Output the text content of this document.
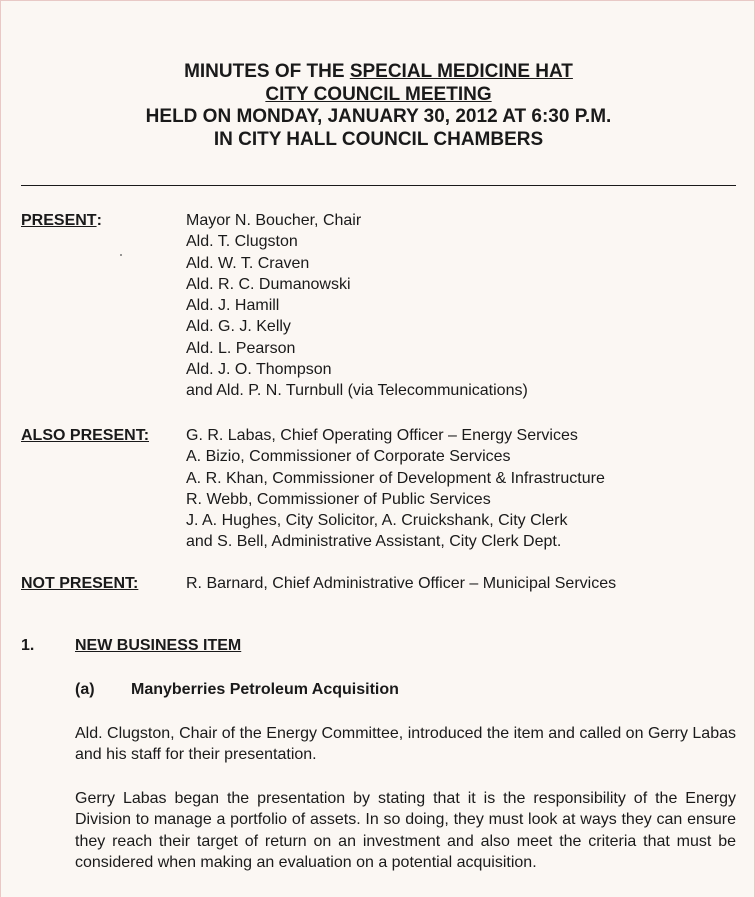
MINUTES OF THE SPECIAL MEDICINE HAT
CITY COUNCIL MEETING
HELD ON MONDAY, JANUARY 30, 2012 AT 6:30 P.M.
IN CITY HALL COUNCIL CHAMBERS
PRESENT:	Mayor N. Boucher, Chair
Ald. T. Clugston
Ald. W. T. Craven
Ald. R. C. Dumanowski
Ald. J. Hamill
Ald. G. J. Kelly
Ald. L. Pearson
Ald. J. O. Thompson
and Ald. P. N. Turnbull (via Telecommunications)
ALSO PRESENT: G. R. Labas, Chief Operating Officer – Energy Services
A. Bizio, Commissioner of Corporate Services
A. R. Khan, Commissioner of Development & Infrastructure
R. Webb, Commissioner of Public Services
J. A. Hughes, City Solicitor, A. Cruickshank, City Clerk
and S. Bell, Administrative Assistant, City Clerk Dept.
NOT PRESENT:	R. Barnard, Chief Administrative Officer – Municipal Services
1.	NEW BUSINESS ITEM
(a) Manyberries Petroleum Acquisition
Ald. Clugston, Chair of the Energy Committee, introduced the item and called on Gerry Labas and his staff for their presentation.
Gerry Labas began the presentation by stating that it is the responsibility of the Energy Division to manage a portfolio of assets. In so doing, they must look at ways they can ensure they reach their target of return on an investment and also meet the criteria that must be considered when making an evaluation on a potential acquisition.
